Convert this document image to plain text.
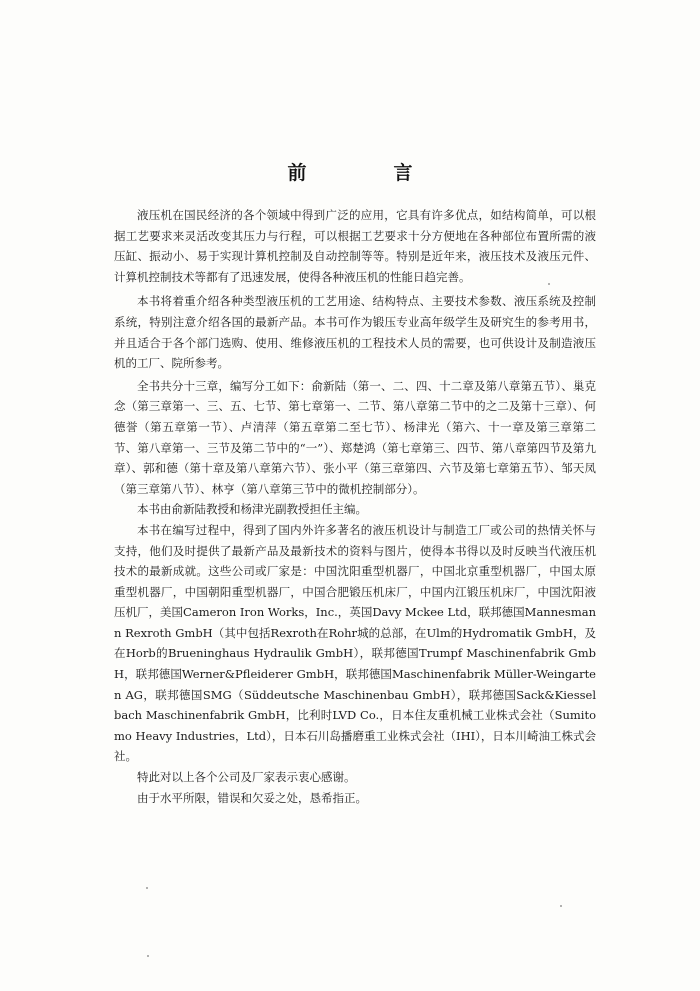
前　言

液压机在国民经济的各个领域中得到广泛的应用，它具有许多优点，如结构简单，可以根据工艺要求来灵活改变其压力与行程，可以根据工艺要求十分方便地在各种部位布置所需的液压缸、振动小、易于实现计算机控制及自动控制等等。特别是近年来，液压技术及液压元件、计算机控制技术等都有了迅速发展，使得各种液压机的性能日趋完善。

本书将着重介绍各种类型液压机的工艺用途、结构特点、主要技术参数、液压系统及控制系统，特别注意介绍各国的最新产品。本书可作为锻压专业高年级学生及研究生的参考用书，并且适合于各个部门选购、使用、维修液压机的工程技术人员的需要，也可供设计及制造液压机的工厂、院所参考。

全书共分十三章，编写分工如下：俞新陆（第一、二、四、十二章及第八章第五节）、巢克念（第三章第一、三、五、七节、第七章第一、二节、第八章第二节中的之二及第十三章）、何德誉（第五章第一节）、卢清萍（第五章第二至七节）、杨津光（第六、十一章及第三章第二节、第八章第一、三节及第二节中的“一”）、郑楚鸿（第七章第三、四节、第八章第四节及第九章）、郭和德（第十章及第八章第六节）、张小平（第三章第四、六节及第七章第五节）、邹天凤（第三章第八节）、林亨（第八章第三节中的微机控制部分）。

本书由俞新陆教授和杨津光副教授担任主编。

本书在编写过程中，得到了国内外许多著名的液压机设计与制造工厂或公司的热情关怀与支持，他们及时提供了最新产品及最新技术的资料与图片，使得本书得以及时反映当代液压机技术的最新成就。这些公司或厂家是：中国沈阳重型机器厂，中国北京重型机器厂，中国太原重型机器厂，中国朝阳重型机器厂，中国合肥锻压机床厂，中国内江锻压机床厂，中国沈阳液压机厂，美国Cameron Iron Works，Inc.，英国Davy Mckee Ltd，联邦德国Mannesmann Rexroth GmbH（其中包括Rexroth在Rohr城的总部，在Ulm的Hydromatik GmbH，及在Horb的Brueninghaus Hydraulik GmbH），联邦德国Trumpf Maschinenfabrik GmbH，联邦德国Werner&Pfleiderer GmbH，联邦德国Maschinenfabrik Müller-Weingarten AG，联邦德国SMG（Süddeutsche Maschinenbau GmbH），联邦德国Sack&Kiesselbach Maschinenfabrik GmbH，比利时LVD Co.，日本住友重机械工业株式会社（Sumitomo Heavy Industries，Ltd），日本石川岛播磨重工业株式会社（IHI），日本川崎油工株式会社。

特此对以上各个公司及厂家表示衷心感谢。

由于水平所限，错误和欠妥之处，恳希指正。
